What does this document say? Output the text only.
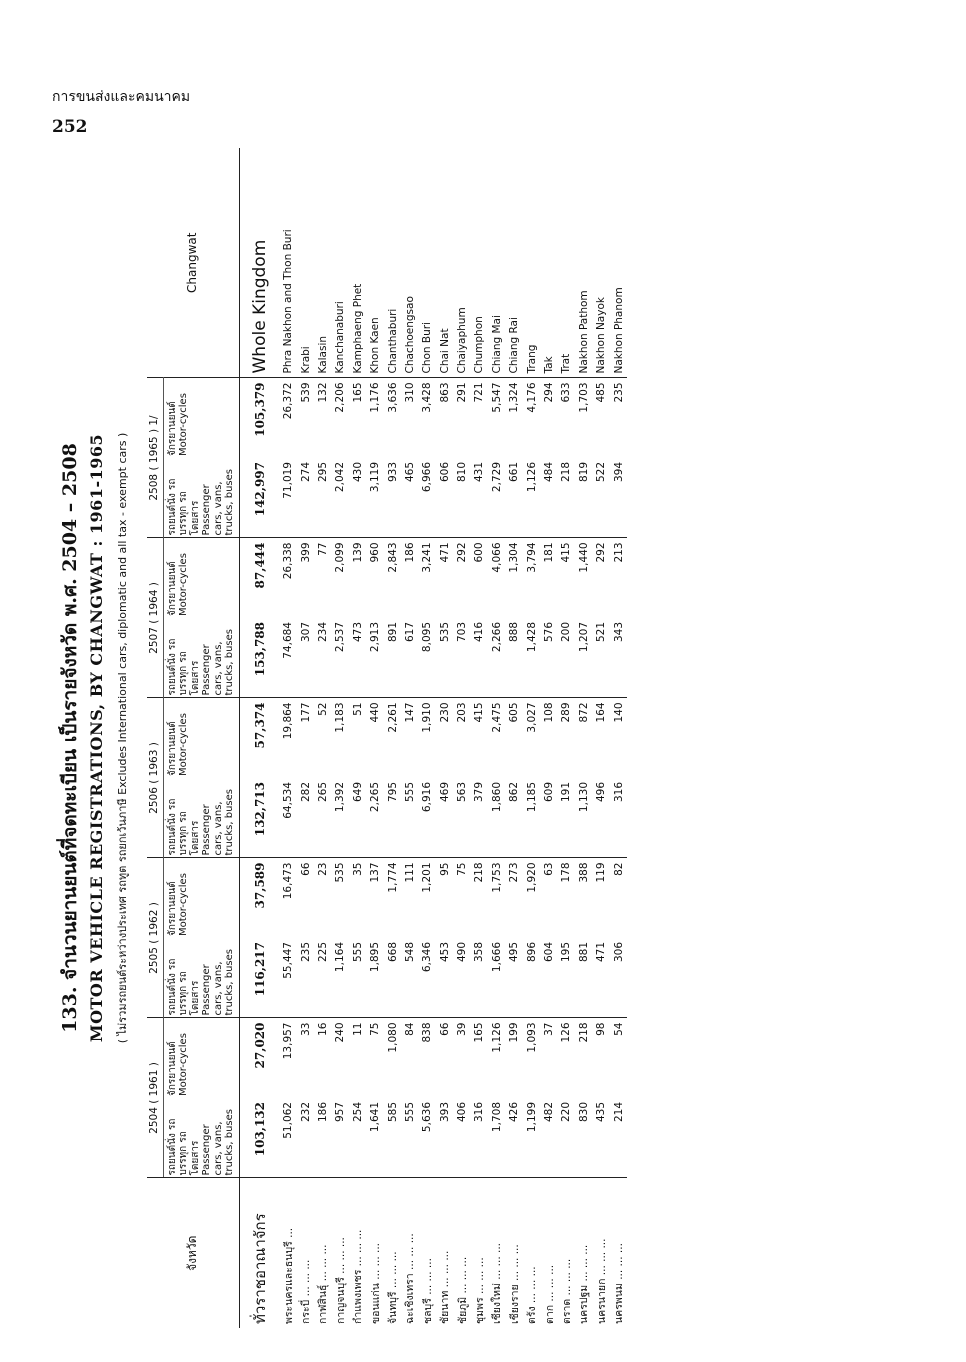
การขนส่งและคมนาคม
252
133. จำนวนยานยนต์ที่จดทะเบียน เป็นรายจังหวัด พ.ศ. 2504 – 2508 MOTOR VEHICLE REGISTRATIONS, BY CHANGWAT : 1961-1965 ( ไม่รวมรถยนต์ระหว่างประเทศ รถทูต รถยกเว้นภาษี Excludes International cars, diplomatic and all tax - exempt cars )
จังหวัด	2504 ( 1961 )		2505 ( 1962 )		2506 ( 1963 )		2507 ( 1964 )		2508 ( 1965 ) 1/		Changwat
	รถยนต์นั่ง รถบรรทุก รถโดยสาร Passenger cars, vans, trucks, buses	จักรยานยนต์ Motor-cycles	รถยนต์นั่ง รถบรรทุก รถโดยสาร Passenger cars, vans, trucks, buses	จักรยานยนต์ Motor-cycles	รถยนต์นั่ง รถบรรทุก รถโดยสาร Passenger cars, vans, trucks, buses	จักรยานยนต์ Motor-cycles	รถยนต์นั่ง รถบรรทุก รถโดยสาร Passenger cars, vans, trucks, buses	จักรยานยนต์ Motor-cycles	รถยนต์นั่ง รถบรรทุก รถโดยสาร Passenger cars, vans, trucks, buses	จักรยานยนต์ Motor-cycles	
ทั่วราชอาณาจักร	103,132	27,020	116,217	37,589	132,713	57,374	153,788	87,444	142,997	105,379	Whole Kingdom
พระนครและธนบุรี ...	51,062	13,957	55,447	16,473	64,534	19,864	74,684	26,338	71,019	26,372	Phra Nakhon and Thon Buri
กระบี่ ... ... ...	232	33	235	66	282	177	307	399	274	539	Krabi
กาฬสินธุ์ ... ... ...	186	16	225	23	265	52	234	77	295	132	Kalasin
กาญจนบุรี ... ... ...	957	240	1,164	535	1,392	1,183	2,537	2,099	2,042	2,206	Kanchanaburi
กำแพงเพชร ... ... ...	254	11	555	35	649	51	473	139	430	165	Kamphaeng Phet
ขอนแก่น ... ... ...	1,641	75	1,895	137	2,265	440	2,913	960	3,119	1,176	Khon Kaen
จันทบุรี ... ... ...	585	1,080	668	1,774	795	2,261	891	2,843	933	3,636	Chanthaburi
ฉะเชิงเทรา ... ... ...	555	84	548	111	555	147	617	186	465	310	Chachoengsao
ชลบุรี ... ... ...	5,636	838	6,346	1,201	6,916	1,910	8,095	3,241	6,966	3,428	Chon Buri
ชัยนาท ... ... ...	393	66	453	95	469	230	535	471	606	863	Chai Nat
ชัยภูมิ ... ... ...	406	39	490	75	563	203	703	292	810	291	Chaiyaphum
ชุมพร ... ... ...	316	165	358	218	379	415	416	600	431	721	Chumphon
เชียงใหม่ ... ... ...	1,708	1,126	1,666	1,753	1,860	2,475	2,266	4,066	2,729	5,547	Chiang Mai
เชียงราย ... ... ...	426	199	495	273	862	605	888	1,304	661	1,324	Chiang Rai
ตรัง ... ... ...	1,199	1,093	896	1,920	1,185	3,027	1,428	3,794	1,126	4,176	Trang
ตาก ... ... ...	482	37	604	63	609	108	576	181	484	294	Tak
ตราด ... ... ...	220	126	195	178	191	289	200	415	218	633	Trat
นครปฐม ... ... ...	830	218	881	388	1,130	872	1,207	1,440	819	1,703	Nakhon Pathom
นครนายก ... ... ...	435	98	471	119	496	164	521	292	522	485	Nakhon Nayok
นครพนม ... ... ...	214	54	306	82	316	140	343	213	394	235	Nakhon Phanom
